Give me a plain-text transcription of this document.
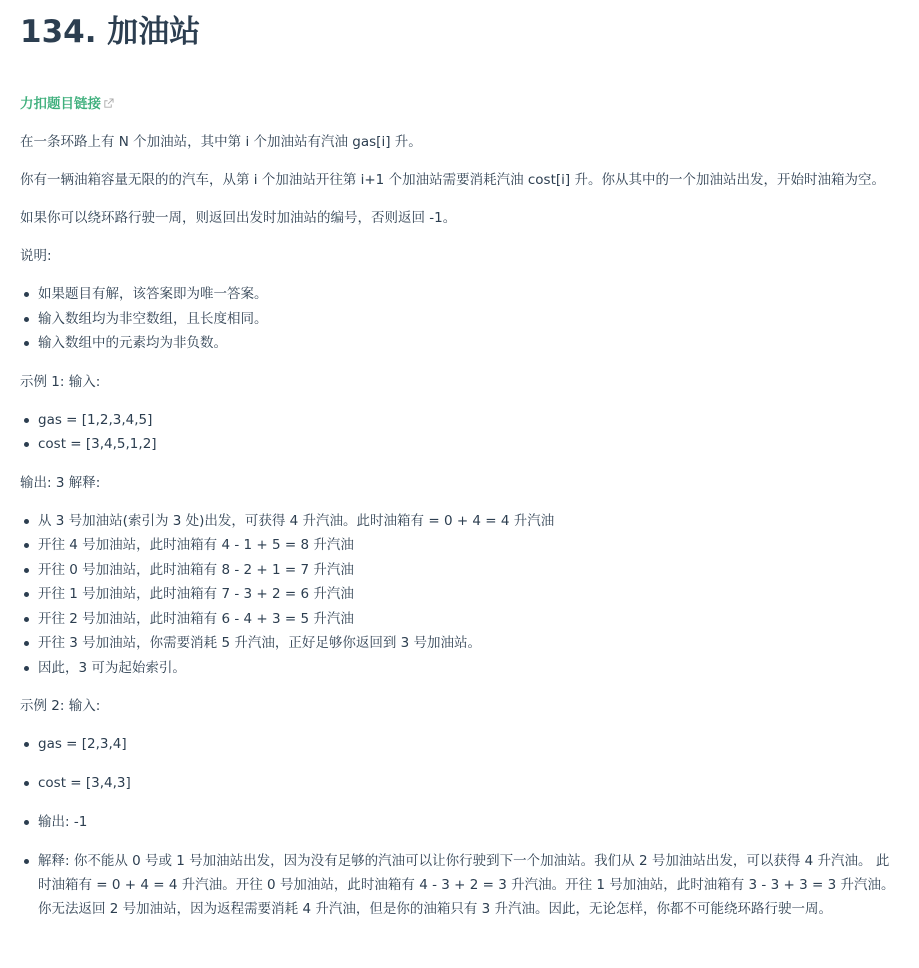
134. 加油站
力扣题目链接

在一条环路上有 N 个加油站，其中第 i 个加油站有汽油 gas[i] 升。

你有一辆油箱容量无限的的汽车，从第 i 个加油站开往第 i+1 个加油站需要消耗汽油 cost[i] 升。你从其中的一个加油站出发，开始时油箱为空。

如果你可以绕环路行驶一周，则返回出发时加油站的编号，否则返回 -1。

说明:

如果题目有解，该答案即为唯一答案。
输入数组均为非空数组，且长度相同。
输入数组中的元素均为非负数。

示例 1: 输入:

gas = [1,2,3,4,5]
cost = [3,4,5,1,2]

输出: 3 解释:

从 3 号加油站(索引为 3 处)出发，可获得 4 升汽油。此时油箱有 = 0 + 4 = 4 升汽油
开往 4 号加油站，此时油箱有 4 - 1 + 5 = 8 升汽油
开往 0 号加油站，此时油箱有 8 - 2 + 1 = 7 升汽油
开往 1 号加油站，此时油箱有 7 - 3 + 2 = 6 升汽油
开往 2 号加油站，此时油箱有 6 - 4 + 3 = 5 升汽油
开往 3 号加油站，你需要消耗 5 升汽油，正好足够你返回到 3 号加油站。
因此，3 可为起始索引。

示例 2: 输入:

gas = [2,3,4]
cost = [3,4,3]
输出: -1
解释: 你不能从 0 号或 1 号加油站出发，因为没有足够的汽油可以让你行驶到下一个加油站。我们从 2 号加油站出发，可以获得 4 升汽油。 此时油箱有 = 0 + 4 = 4 升汽油。开往 0 号加油站，此时油箱有 4 - 3 + 2 = 3 升汽油。开往 1 号加油站，此时油箱有 3 - 3 + 3 = 3 升汽油。你无法返回 2 号加油站，因为返程需要消耗 4 升汽油，但是你的油箱只有 3 升汽油。因此，无论怎样，你都不可能绕环路行驶一周。
